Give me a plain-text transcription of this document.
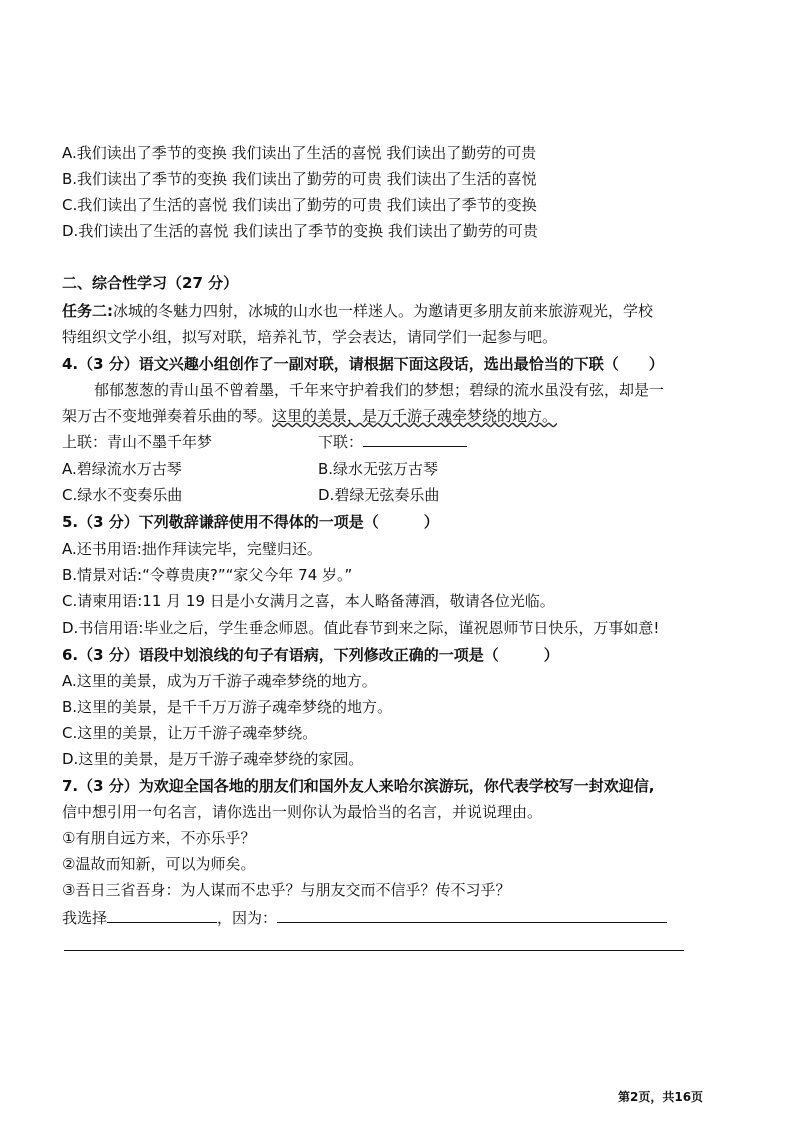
A.我们读出了季节的变换 我们读出了生活的喜悦 我们读出了勤劳的可贵
B.我们读出了季节的变换 我们读出了勤劳的可贵 我们读出了生活的喜悦
C.我们读出了生活的喜悦 我们读出了勤劳的可贵 我们读出了季节的变换
D.我们读出了生活的喜悦 我们读出了季节的变换 我们读出了勤劳的可贵
二、综合性学习（27 分）
任务二:冰城的冬魅力四射，冰城的山水也一样迷人。为邀请更多朋友前来旅游观光，学校
特组织文学小组，拟写对联，培养礼节，学会表达，请同学们一起参与吧。
4.（3 分）语文兴趣小组创作了一副对联，请根据下面这段话，选出最恰当的下联（　　）
郁郁葱葱的青山虽不曾着墨，千年来守护着我们的梦想；碧绿的流水虽没有弦，却是一
架万古不变地弹奏着乐曲的琴。这里的美景，是万千游子魂牵梦绕的地方。
上联：青山不墨千年梦	下联：
A.碧绿流水万古琴	B.绿水无弦万古琴
C.绿水不变奏乐曲	D.碧绿无弦奏乐曲
5.（3 分）下列敬辞谦辞使用不得体的一项是（　　　）
A.还书用语:拙作拜读完毕，完璧归还。
B.情景对话:“令尊贵庚?”“家父今年 74 岁。”
C.请柬用语:11 月 19 日是小女满月之喜，本人略备薄酒，敬请各位光临。
D.书信用语:毕业之后，学生垂念师恩。值此春节到来之际，谨祝恩师节日快乐，万事如意!
6.（3 分）语段中划浪线的句子有语病，下列修改正确的一项是（　　　）
A.这里的美景，成为万千游子魂牵梦绕的地方。
B.这里的美景，是千千万万游子魂牵梦绕的地方。
C.这里的美景，让万千游子魂牵梦绕。
D.这里的美景，是万千游子魂牵梦绕的家园。
7.（3 分）为欢迎全国各地的朋友们和国外友人来哈尔滨游玩，你代表学校写一封欢迎信,
信中想引用一句名言，请你选出一则你认为最恰当的名言，并说说理由。
①有朋自远方来，不亦乐乎？
②温故而知新，可以为师矣。
③吾日三省吾身：为人谋而不忠乎？与朋友交而不信乎？传不习乎？
我选择	，因为：
第2页，共16页
